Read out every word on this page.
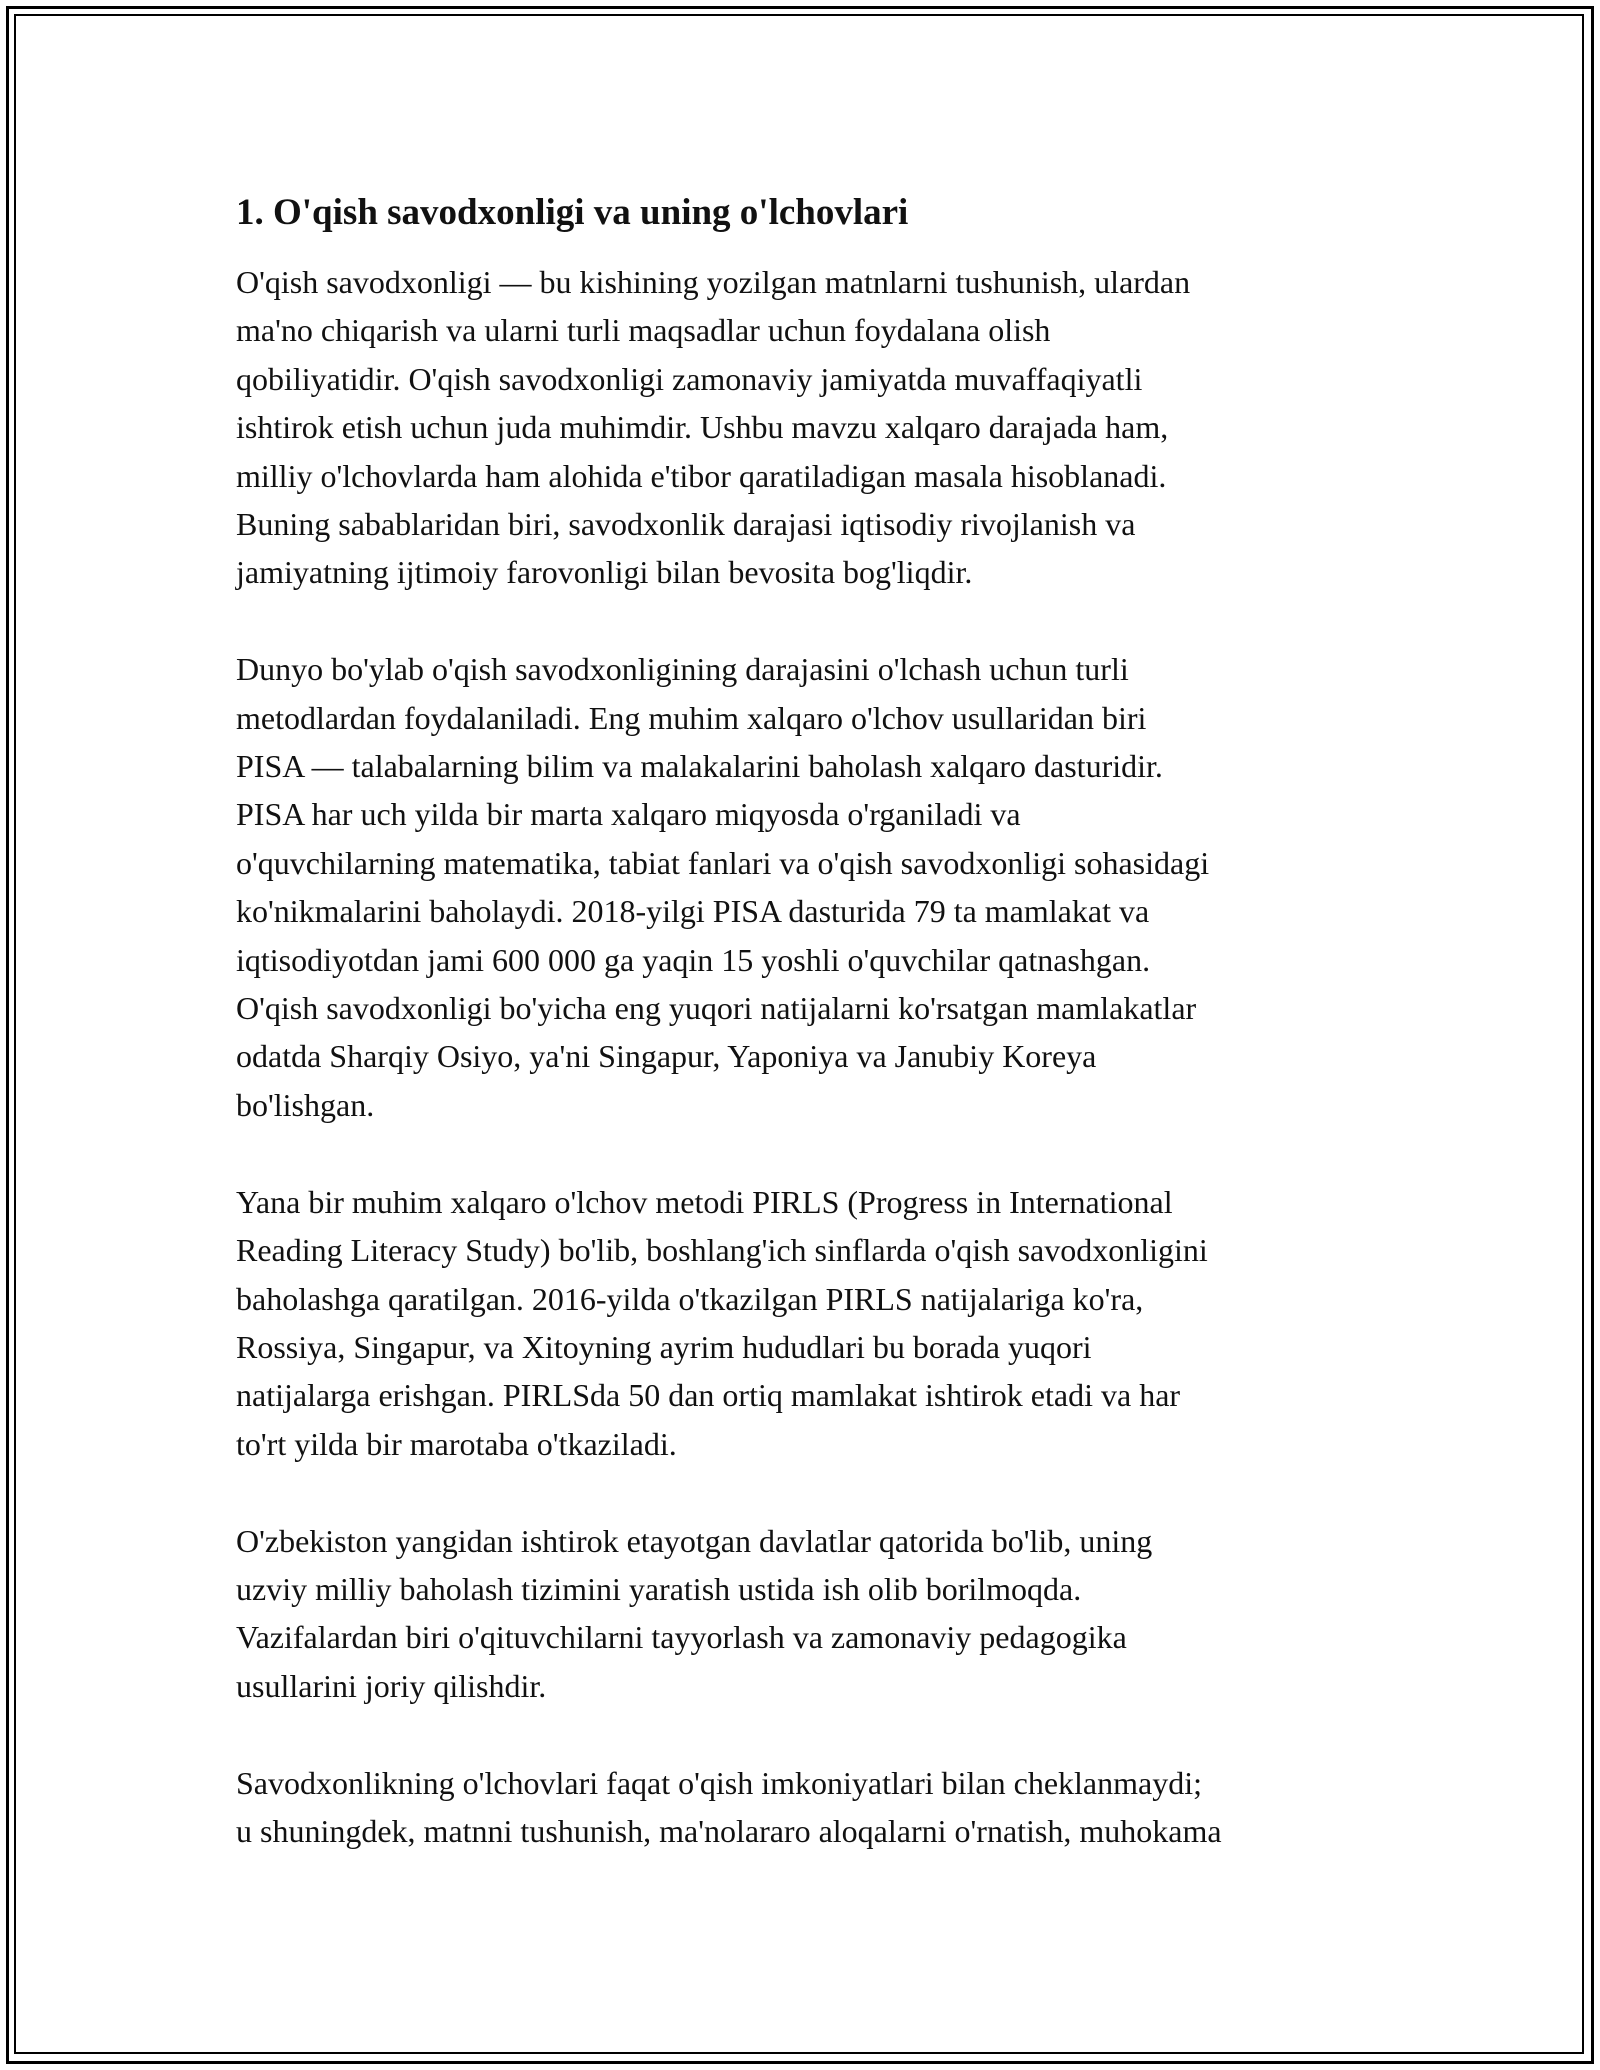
1. O'qish savodxonligi va uning o'lchovlari

O'qish savodxonligi — bu kishining yozilgan matnlarni tushunish, ulardan
ma'no chiqarish va ularni turli maqsadlar uchun foydalana olish
qobiliyatidir. O'qish savodxonligi zamonaviy jamiyatda muvaffaqiyatli
ishtirok etish uchun juda muhimdir. Ushbu mavzu xalqaro darajada ham,
milliy o'lchovlarda ham alohida e'tibor qaratiladigan masala hisoblanadi.
Buning sabablaridan biri, savodxonlik darajasi iqtisodiy rivojlanish va
jamiyatning ijtimoiy farovonligi bilan bevosita bog'liqdir.

Dunyo bo'ylab o'qish savodxonligining darajasini o'lchash uchun turli
metodlardan foydalaniladi. Eng muhim xalqaro o'lchov usullaridan biri
PISA — talabalarning bilim va malakalarini baholash xalqaro dasturidir.
PISA har uch yilda bir marta xalqaro miqyosda o'rganiladi va
o'quvchilarning matematika, tabiat fanlari va o'qish savodxonligi sohasidagi
ko'nikmalarini baholaydi. 2018-yilgi PISA dasturida 79 ta mamlakat va
iqtisodiyotdan jami 600 000 ga yaqin 15 yoshli o'quvchilar qatnashgan.
O'qish savodxonligi bo'yicha eng yuqori natijalarni ko'rsatgan mamlakatlar
odatda Sharqiy Osiyo, ya'ni Singapur, Yaponiya va Janubiy Koreya
bo'lishgan.

Yana bir muhim xalqaro o'lchov metodi PIRLS (Progress in International
Reading Literacy Study) bo'lib, boshlang'ich sinflarda o'qish savodxonligini
baholashga qaratilgan. 2016-yilda o'tkazilgan PIRLS natijalariga ko'ra,
Rossiya, Singapur, va Xitoyning ayrim hududlari bu borada yuqori
natijalarga erishgan. PIRLSda 50 dan ortiq mamlakat ishtirok etadi va har
to'rt yilda bir marotaba o'tkaziladi.

O'zbekiston yangidan ishtirok etayotgan davlatlar qatorida bo'lib, uning
uzviy milliy baholash tizimini yaratish ustida ish olib borilmoqda.
Vazifalardan biri o'qituvchilarni tayyorlash va zamonaviy pedagogika
usullarini joriy qilishdir.

Savodxonlikning o'lchovlari faqat o'qish imkoniyatlari bilan cheklanmaydi;
u shuningdek, matnni tushunish, ma'nolararo aloqalarni o'rnatish, muhokama
